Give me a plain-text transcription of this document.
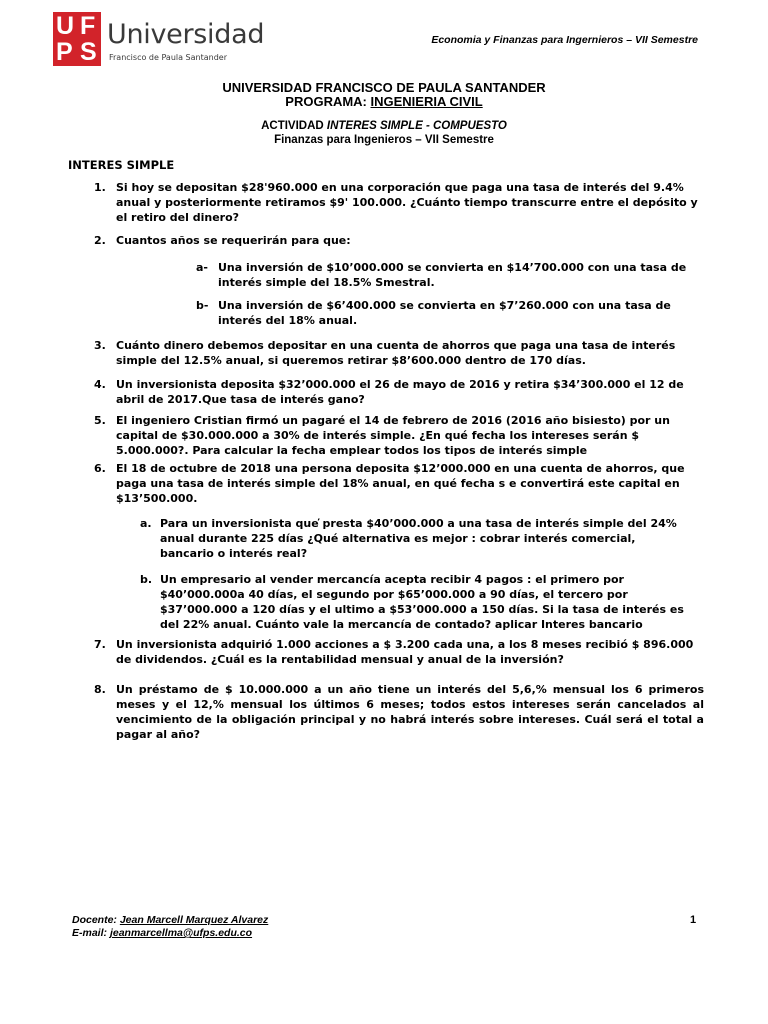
U F
P S
Universidad
Francisco de Paula Santander
Economia y Finanzas para Ingernieros – VII Semestre
UNIVERSIDAD FRANCISCO DE PAULA SANTANDER
PROGRAMA: INGENIERIA CIVIL
ACTIVIDAD INTERES SIMPLE - COMPUESTO
Finanzas para Ingenieros – VII Semestre
INTERES SIMPLE
1. Si hoy se depositan $28'960.000 en una corporación que paga una tasa de interés del 9.4% anual y posteriormente retiramos $9' 100.000. ¿Cuánto tiempo transcurre entre el depósito y el retiro del dinero?
2. Cuantos años se requerirán para que:
a- Una inversión de $10’000.000 se convierta en $14’700.000 con una tasa de interés simple del 18.5% Smestral.
b- Una inversión de $6’400.000 se convierta en $7’260.000 con una tasa de interés del 18% anual.
3. Cuánto dinero debemos depositar en una cuenta de ahorros que paga una tasa de interés simple del 12.5% anual, si queremos retirar $8’600.000 dentro de 170 días.
4. Un inversionista deposita $32’000.000 el 26 de mayo de 2016 y retira $34’300.000 el 12 de abril de 2017.Que tasa de interés gano?
5. El ingeniero Cristian firmó un pagaré el 14 de febrero de 2016 (2016 año bisiesto) por un capital de $30.000.000 a 30% de interés simple. ¿En qué fecha los intereses serán $ 5.000.000?. Para calcular la fecha emplear todos los tipos de interés simple
6. El 18 de octubre de 2018 una persona deposita $12’000.000 en una cuenta de ahorros, que paga una tasa de interés simple del 18% anual, en qué fecha s e convertirá este capital en $13’500.000.
a. Para un inversionista que̕ presta $40’000.000 a una tasa de interés simple del 24% anual durante 225 días ¿Qué alternativa es mejor : cobrar interés comercial, bancario o interés real?
b. Un empresario al vender mercancía acepta recibir 4 pagos : el primero por $40’000.000a 40 días, el segundo por $65’000.000 a 90 días, el tercero por $37’000.000 a 120 días y el ultimo a $53’000.000 a 150 días. Si la tasa de interés es del 22% anual. Cuánto vale la mercancía de contado? aplicar Interes bancario
7. Un inversionista adquirió 1.000 acciones a $ 3.200 cada una, a los 8 meses recibió $ 896.000 de dividendos. ¿Cuál es la rentabilidad mensual y anual de la inversión?
8. Un préstamo de $ 10.000.000 a un año tiene un interés del 5,6,% mensual los 6 primeros meses y el 12,% mensual los últimos 6 meses; todos estos intereses serán cancelados al vencimiento de la obligación principal y no habrá interés sobre intereses. Cuál será el total a pagar al año?
Docente: Jean Marcell Marquez Alvarez
E-mail: jeanmarcellma@ufps.edu.co
1
